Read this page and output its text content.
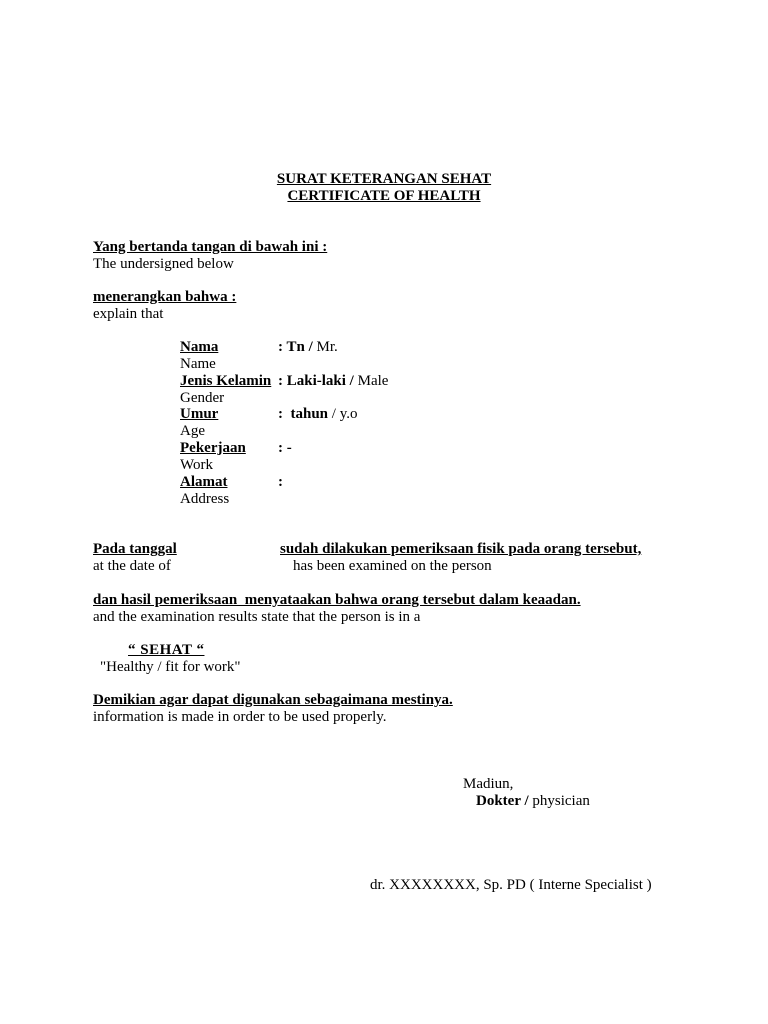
SURAT KETERANGAN SEHAT
CERTIFICATE OF HEALTH
Yang bertanda tangan di bawah ini :
The undersigned below
menerangkan bahwa :
explain that
Nama	: Tn / Mr.
Name
Jenis Kelamin : Laki-laki / Male
Gender
Umur	:  tahun / y.o
Age
Pekerjaan : -
Work
Alamat	:
Address
Pada tanggal	sudah dilakukan pemeriksaan fisik pada orang tersebut,
at the date of	has been examined on the person
dan hasil pemeriksaan  menyataakan bahwa orang tersebut dalam keaadan.
and the examination results state that the person is in a
“ SEHAT “
"Healthy / fit for work"
Demikian agar dapat digunakan sebagaimana mestinya.
information is made in order to be used properly.
Madiun,
Dokter / physician
dr. XXXXXXXX, Sp. PD ( Interne Specialist )
